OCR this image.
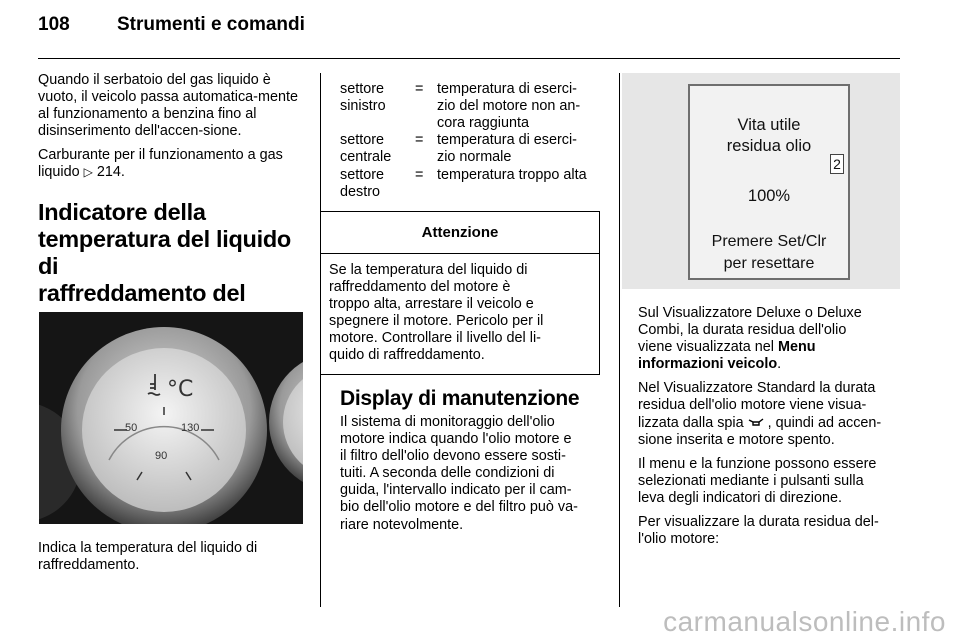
108 Strumenti e comandi

Quando il serbatoio del gas liquido è vuoto, il veicolo passa automatica-mente al funzionamento a benzina fino al disinserimento dell'accen-sione.

Carburante per il funzionamento a gas liquido ▷ 214.

Indicatore della
temperatura del liquido di
raffreddamento del
°C
50	130
90
Indica la temperatura del liquido di raffreddamento.
settore
sinistro
= temperatura di eserci-
zio del motore non an-
cora raggiunta
settore
centrale
= temperatura di eserci-
zio normale
settore
destro
= temperatura troppo alta
Attenzione
Se la temperatura del liquido di
raffreddamento del motore è
troppo alta, arrestare il veicolo e
spegnere il motore. Pericolo per il
motore. Controllare il livello del li-
quido di raffreddamento.
Display di manutenzione
Il sistema di monitoraggio dell'olio
motore indica quando l'olio motore e
il filtro dell'olio devono essere sosti-
tuiti. A seconda delle condizioni di
guida, l'intervallo indicato per il cam-
bio dell'olio motore e del filtro può va-
riare notevolmente.
Vita utile
residua olio
2
100%
Premere Set/Clr
per resettare

Sul Visualizzatore Deluxe o Deluxe
Combi, la durata residua dell'olio
viene visualizzata nel Menu
informazioni veicolo.

Nel Visualizzatore Standard la durata
residua dell'olio motore viene visua-
lizzata dalla spia  , quindi ad accen-
sione inserita e motore spento.

Il menu e la funzione possono essere
selezionati mediante i pulsanti sulla
leva degli indicatori di direzione.

Per visualizzare la durata residua del-
l'olio motore:

carmanualsonline.info
